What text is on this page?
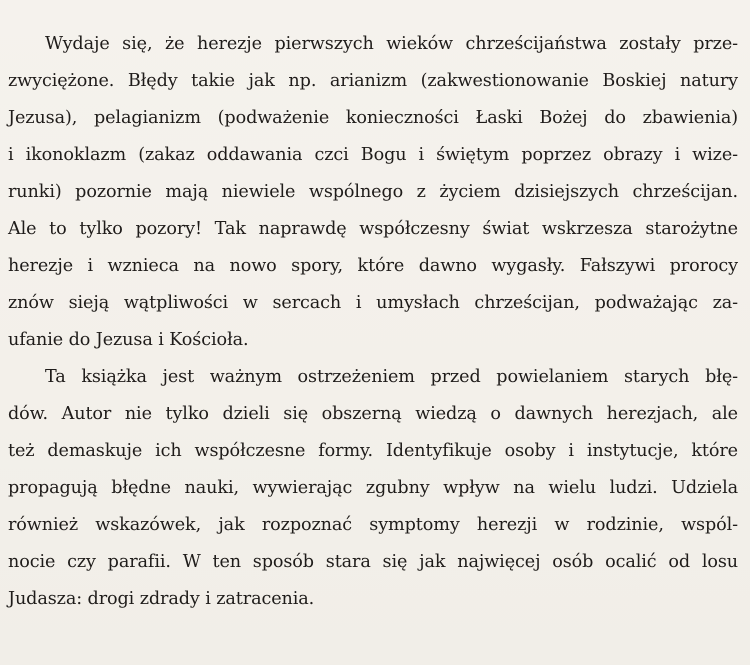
Wydaje się, że herezje pierwszych wieków chrześcijaństwa zostały prze-
zwyciężone. Błędy takie jak np. arianizm (zakwestionowanie Boskiej natury
Jezusa), pelagianizm (podważenie konieczności Łaski Bożej do zbawienia)
i ikonoklazm (zakaz oddawania czci Bogu i świętym poprzez obrazy i wize-
runki) pozornie mają niewiele wspólnego z życiem dzisiejszych chrześcijan.
Ale to tylko pozory! Tak naprawdę współczesny świat wskrzesza starożytne
herezje i wznieca na nowo spory, które dawno wygasły. Fałszywi prorocy
znów sieją wątpliwości w sercach i umysłach chrześcijan, podważając za-
ufanie do Jezusa i Kościoła.
Ta książka jest ważnym ostrzeżeniem przed powielaniem starych błę-
dów. Autor nie tylko dzieli się obszerną wiedzą o dawnych herezjach, ale
też demaskuje ich współczesne formy. Identyfikuje osoby i instytucje, które
propagują błędne nauki, wywierając zgubny wpływ na wielu ludzi. Udziela
również wskazówek, jak rozpoznać symptomy herezji w rodzinie, wspól-
nocie czy parafii. W ten sposób stara się jak najwięcej osób ocalić od losu
Judasza: drogi zdrady i zatracenia.
